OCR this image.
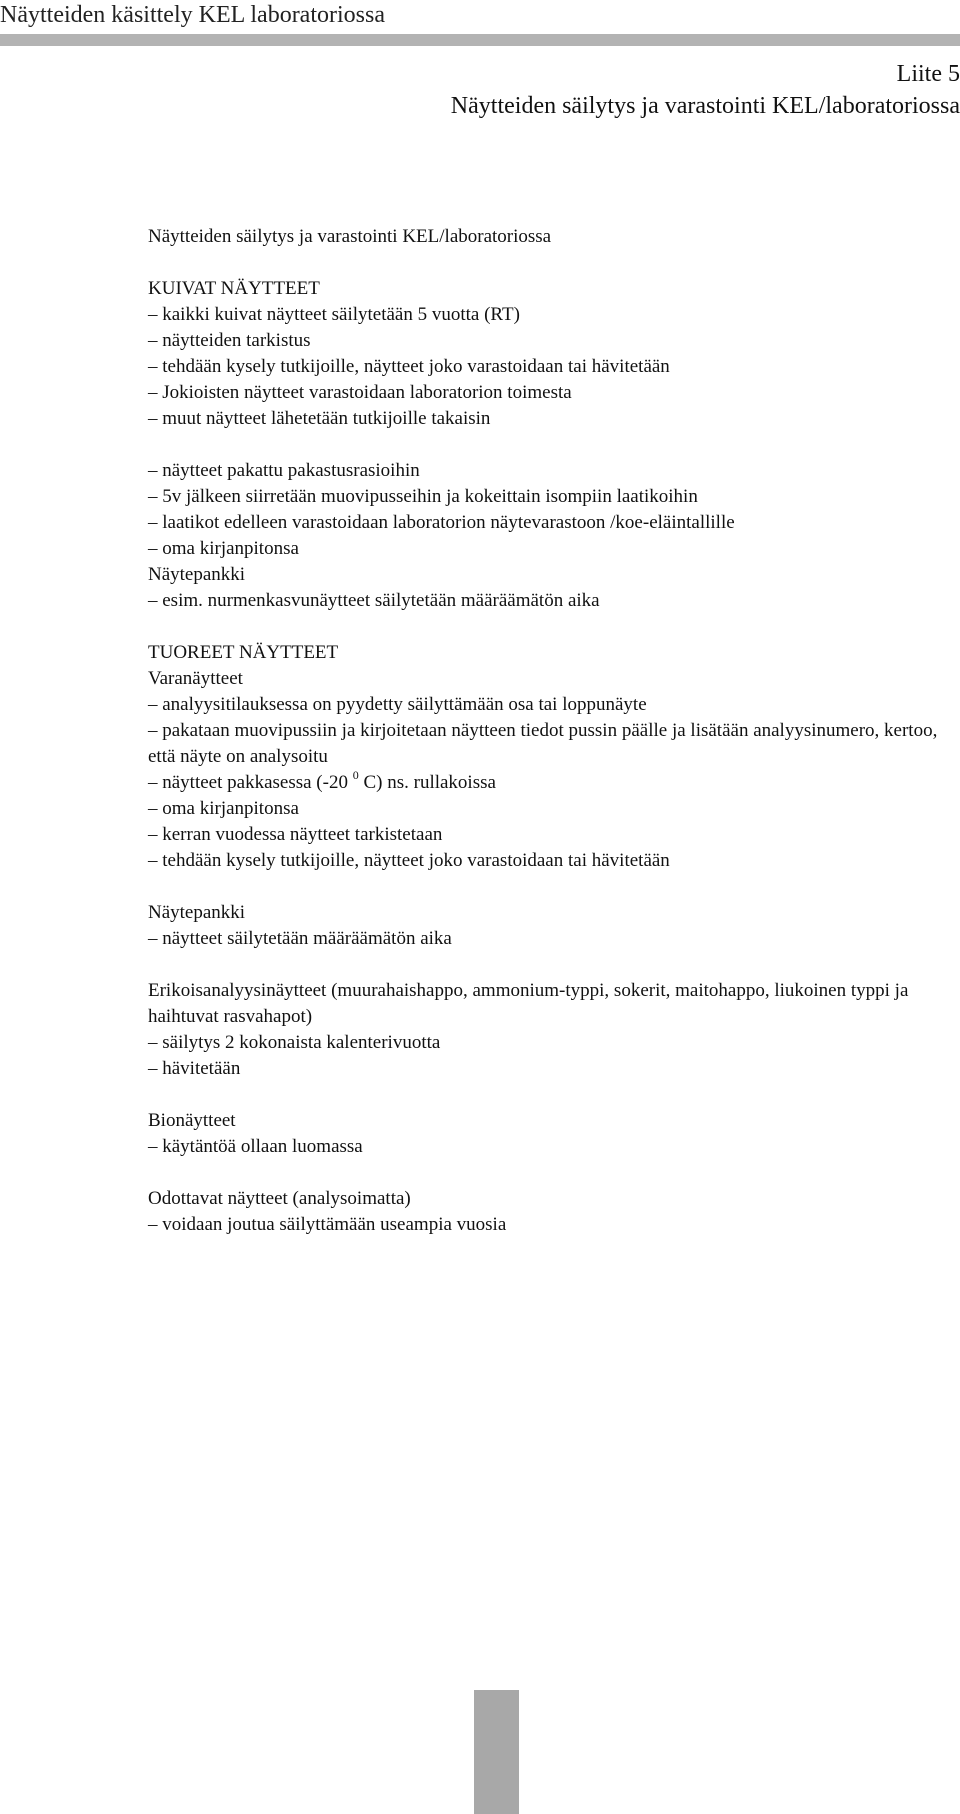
Näytteiden käsittely KEL laboratoriossa
Liite 5
Näytteiden säilytys ja varastointi KEL/laboratoriossa
Näytteiden säilytys ja varastointi KEL/laboratoriossa
KUIVAT NÄYTTEET
– kaikki kuivat näytteet säilytetään 5 vuotta (RT)
– näytteiden tarkistus
– tehdään kysely tutkijoille, näytteet joko varastoidaan tai hävitetään
– Jokioisten näytteet varastoidaan laboratorion toimesta
– muut näytteet lähetetään tutkijoille takaisin
– näytteet pakattu pakastusrasioihin
– 5v jälkeen siirretään muovipusseihin ja kokeittain isompiin laatikoihin
– laatikot edelleen varastoidaan laboratorion näytevarastoon /koe-eläintallille
– oma kirjanpitonsa
Näytepankki
– esim. nurmenkasvunäytteet säilytetään määräämätön aika
TUOREET NÄYTTEET
Varanäytteet
– analyysitilauksessa on pyydetty säilyttämään osa tai loppunäyte
– pakataan muovipussiin ja kirjoitetaan näytteen tiedot pussin päälle ja lisätään analyysinumero, kertoo, että näyte on analysoitu
– näytteet pakkasessa (-20 $^0$ C) ns. rullakoissa
– oma kirjanpitonsa
– kerran vuodessa näytteet tarkistetaan
– tehdään kysely tutkijoille, näytteet joko varastoidaan tai hävitetään
Näytepankki
– näytteet säilytetään määräämätön aika
Erikoisanalyysinäytteet (muurahaishappo, ammonium-typpi, sokerit, maitohappo, liukoinen typpi ja haihtuvat rasvahapot)
– säilytys 2 kokonaista kalenterivuotta
– hävitetään
Bionäytteet
– käytäntöä ollaan luomassa
Odottavat näytteet (analysoimatta)
– voidaan joutua säilyttämään useampia vuosia
